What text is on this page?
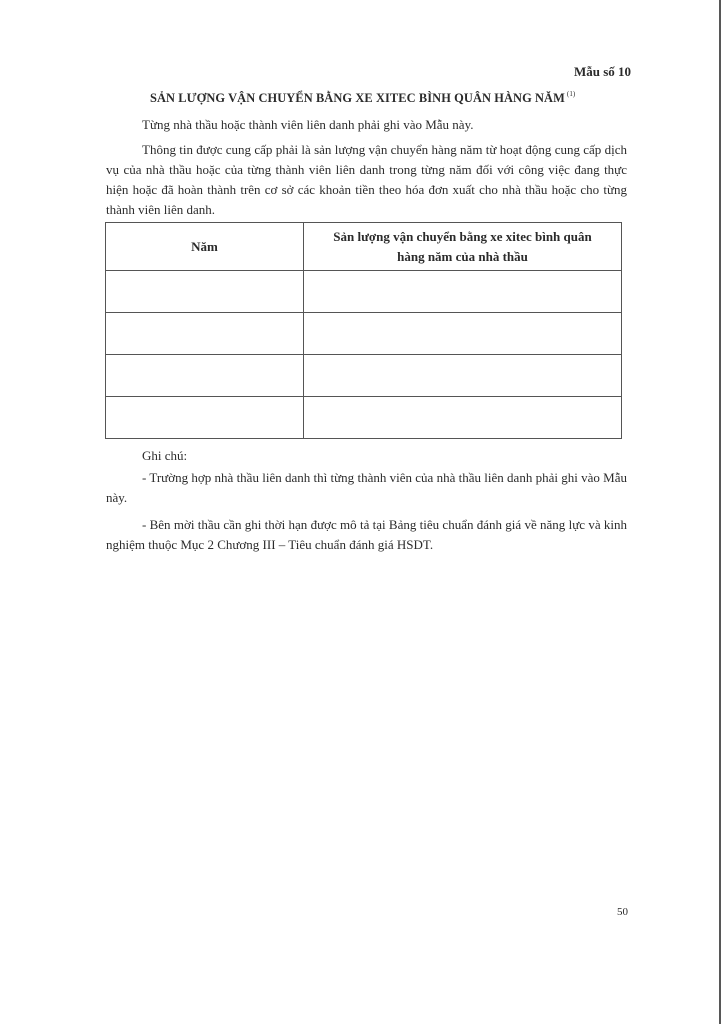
Mẫu số 10
SẢN LƯỢNG VẬN CHUYỂN BẰNG XE XITEC BÌNH QUÂN HÀNG NĂM $^{(1)}$

Từng nhà thầu hoặc thành viên liên danh phải ghi vào Mẫu này.

Thông tin được cung cấp phải là sản lượng vận chuyển hàng năm từ hoạt động cung cấp dịch vụ của nhà thầu hoặc của từng thành viên liên danh trong từng năm đối với công việc đang thực hiện hoặc đã hoàn thành trên cơ sở các khoản tiền theo hóa đơn xuất cho nhà thầu hoặc cho từng thành viên liên danh.

Năm	Sản lượng vận chuyển bằng xe xitec bình quân hàng năm của nhà thầu

Ghi chú:

- Trường hợp nhà thầu liên danh thì từng thành viên của nhà thầu liên danh phải ghi vào Mẫu này.

- Bên mời thầu cần ghi thời hạn được mô tả tại Bảng tiêu chuẩn đánh giá về năng lực và kinh nghiệm thuộc Mục 2 Chương III – Tiêu chuẩn đánh giá HSDT.

50
